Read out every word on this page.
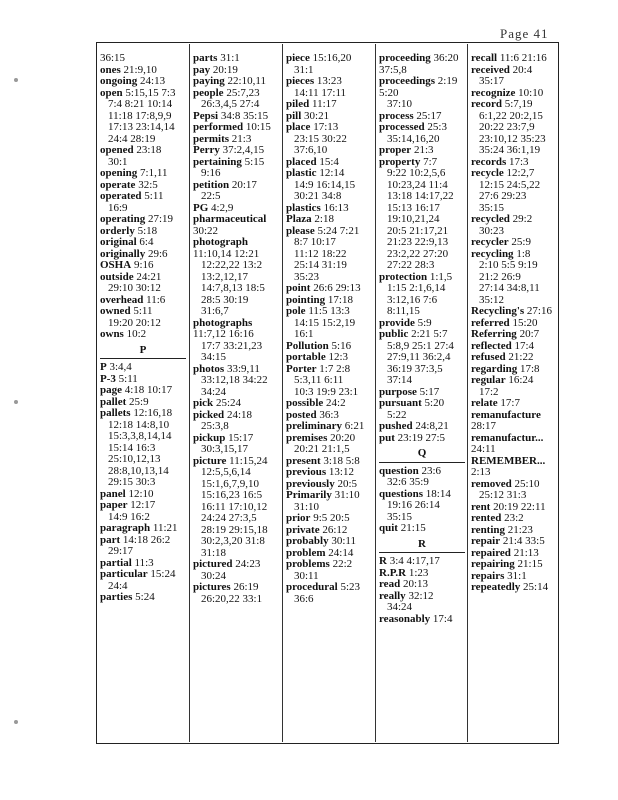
Page 41
36:15
ones 21:9,10
ongoing 24:13
open 5:15,15 7:3
7:4 8:21 10:14
11:18 17:8,9,9
17:13 23:14,14
24:4 28:19
opened 23:18
30:1
opening 7:1,11
operate 32:5
operated 5:11
16:9
operating 27:19
orderly 5:18
original 6:4
originally 29:6
OSHA 9:16
outside 24:21
29:10 30:12
overhead 11:6
owned 5:11
19:20 20:12
owns 10:2
P
P 3:4,4
P-3 5:11
page 4:18 10:17
pallet 25:9
pallets 12:16,18
12:18 14:8,10
15:3,3,8,14,14
15:14 16:3
25:10,12,13
28:8,10,13,14
29:15 30:3
panel 12:10
paper 12:17
14:9 16:2
paragraph 11:21
part 14:18 26:2
29:17
partial 11:3
particular 15:24
24:4
parties 5:24
parts 31:1
pay 20:19
paying 22:10,11
people 25:7,23
26:3,4,5 27:4
Pepsi 34:8 35:15
performed 10:15
permits 21:3
Perry 37:2,4,15
pertaining 5:15
9:16
petition 20:17
22:5
PG 4:2,9
pharmaceutical 30:22
photograph 11:10,14 12:21
12:22,22 13:2
13:2,12,17
14:7,8,13 18:5
28:5 30:19
31:6,7
photographs 11:7,12 16:16
17:7 33:21,23
34:15
photos 33:9,11
33:12,18 34:22
34:24
pick 25:24
picked 24:18
25:3,8
pickup 15:17
30:3,15,17
picture 11:15,24
12:5,5,6,14
15:1,6,7,9,10
15:16,23 16:5
16:11 17:10,12
24:24 27:3,5
28:19 29:15,18
30:2,3,20 31:8
31:18
pictured 24:23
30:24
pictures 26:19
26:20,22 33:1
piece 15:16,20
31:1
pieces 13:23
14:11 17:11
piled 11:17
pill 30:21
place 17:13
23:15 30:22
37:6,10
placed 15:4
plastic 12:14
14:9 16:14,15
30:21 34:8
plastics 16:13
Plaza 2:18
please 5:24 7:21
8:7 10:17
11:12 18:22
25:14 31:19
35:23
point 26:6 29:13
pointing 17:18
pole 11:5 13:3
14:15 15:2,19
16:1
Pollution 5:16
portable 12:3
Porter 1:7 2:8
5:3,11 6:11
10:3 19:9 23:1
possible 24:2
posted 36:3
preliminary 6:21
premises 20:20
20:21 21:1,5
present 3:18 5:8
previous 13:12
previously 20:5
Primarily 31:10
31:10
prior 9:5 20:5
private 26:12
probably 30:11
problem 24:14
problems 22:2
30:11
procedural 5:23
36:6
proceeding 36:20 37:5,8
proceedings 2:19 5:20
37:10
process 25:17
processed 25:3
35:14,16,20
proper 21:3
property 7:7
9:22 10:2,5,6
10:23,24 11:4
13:18 14:17,22
15:13 16:17
19:10,21,24
20:5 21:17,21
21:23 22:9,13
23:2,22 27:20
27:22 28:3
protection 1:1,5
1:15 2:1,6,14
3:12,16 7:6
8:11,15
provide 5:9
public 2:21 5:7
5:8,9 25:1 27:4
27:9,11 36:2,4
36:19 37:3,5
37:14
purpose 5:17
pursuant 5:20
5:22
pushed 24:8,21
put 23:19 27:5
Q
question 23:6
32:6 35:9
questions 18:14
19:16 26:14
35:15
quit 21:15
R
R 3:4 4:17,17
R.P.R 1:23
read 20:13
really 32:12
34:24
reasonably 17:4
recall 11:6 21:16
received 20:4
35:17
recognize 10:10
record 5:7,19
6:1,22 20:2,15
20:22 23:7,9
23:10,12 35:23
35:24 36:1,19
records 17:3
recycle 12:2,7
12:15 24:5,22
27:6 29:23
35:15
recycled 29:2
30:23
recycler 25:9
recycling 1:8
2:10 5:5 9:19
21:2 26:9
27:14 34:8,11
35:12
Recycling's 27:16
referred 15:20
Referring 20:7
reflected 17:4
refused 21:22
regarding 17:8
regular 16:24
17:2
relate 17:7
remanufacture 28:17
remanufactur... 24:11
REMEMBER... 2:13
removed 25:10
25:12 31:3
rent 20:19 22:11
rented 23:2
renting 21:23
repair 21:4 33:5
repaired 21:13
repairing 21:15
repairs 31:1
repeatedly 25:14
